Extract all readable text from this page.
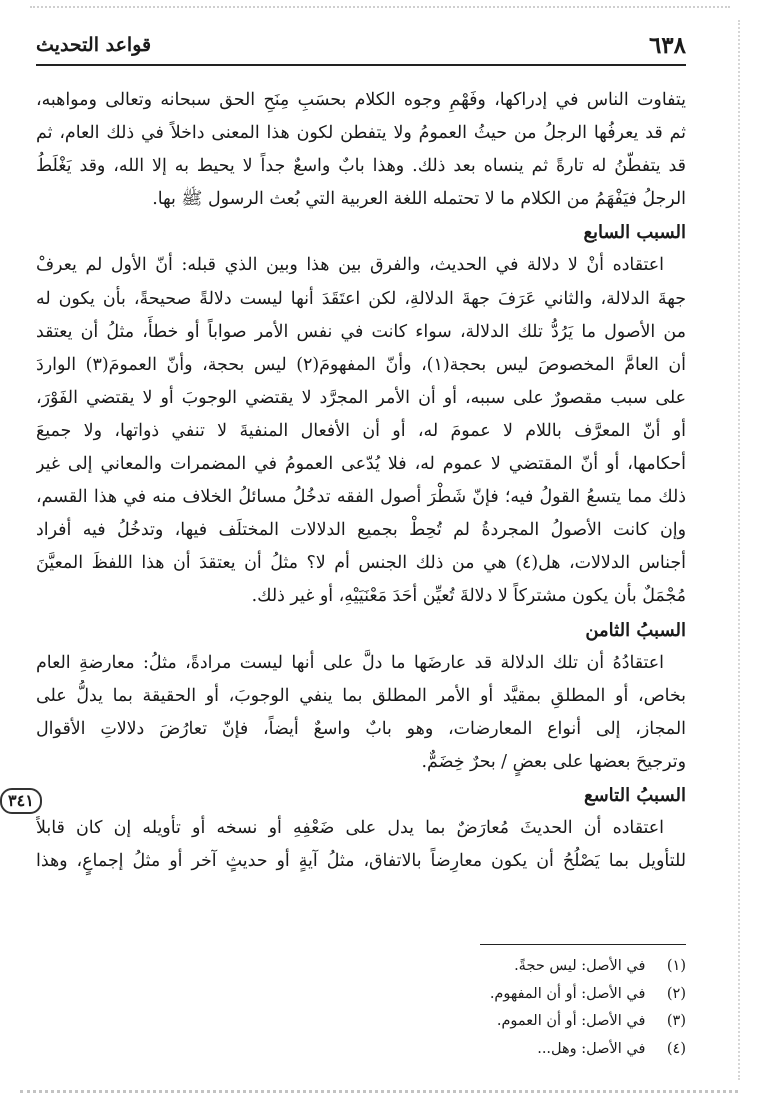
٦٣٨
قواعد التحديث
يتفاوت الناس في إدراكها، وفَهْمِ وجوه الكلام بحسَبِ مِنَحِ الحق سبحانه وتعالى ومواهبه،
ثم قد يعرفُها الرجلُ من حيثُ العمومُ ولا يتفطن لكون هذا المعنى داخلاً في ذلك العام، ثم
قد يتفطّنُ له تارةً ثم ينساه بعد ذلك. وهذا بابٌ واسعٌ جداً لا يحيط به إلا الله، وقد يَغْلَطُ
الرجلُ فيَفْهَمُ من الكلام ما لا تحتمله اللغة العربية التي بُعث الرسول ﷺ بها.
السبب السابع
اعتقاده أنْ لا دلالة في الحديث، والفرق بين هذا وبين الذي قبله: أنّ الأول لم يعرفْ
جهةَ الدلالة، والثاني عَرَفَ جهةَ الدلالةِ، لكن اعتَقَدَ أنها ليست دلالةً صحيحةً، بأن يكون له
من الأصول ما يَرُدُّ تلك الدلالة، سواء كانت في نفس الأمر صواباً أو خطأً، مثلُ أن يعتقد
أن العامَّ المخصوصَ ليس بحجة(١)، وأنّ المفهومَ(٢) ليس بحجة، وأنّ العمومَ(٣) الواردَ
على سبب مقصورٌ على سببه، أو أن الأمر المجرَّد لا يقتضي الوجوبَ أو لا يقتضي الفَوْرَ،
أو أنّ المعرَّف باللام لا عمومَ له، أو أن الأفعال المنفيةَ لا تنفي ذواتها، ولا جميعَ
أحكامها، أو أنّ المقتضي لا عموم له، فلا يُدّعى العمومُ في المضمرات والمعاني إلى غير
ذلك مما يتسعُ القولُ فيه؛ فإنّ شَطْرَ أصول الفقه تدخُلُ مسائلُ الخلاف منه في هذا القسم،
وإن كانت الأصولُ المجردةُ لم تُحِطْ بجميع الدلالات المختلَف فيها، وتدخُلُ فيه أفراد
أجناس الدلالات، هل(٤) هي من ذلك الجنس أم لا؟ مثلُ أن يعتقدَ أن هذا اللفظَ المعيَّنَ
مُجْمَلٌ بأن يكون مشتركاً لا دلالةَ تُعيِّن أحَدَ مَعْنَيَيْهِ، أو غير ذلك.
السببُ الثامن
اعتقادُهُ أن تلك الدلالة قد عارضَها ما دلَّ على أنها ليست مرادةً، مثلُ: معارضةِ العام
بخاص، أو المطلقِ بمقيَّد أو الأمر المطلق بما ينفي الوجوبَ، أو الحقيقة بما يدلُّ على
المجاز، إلى أنواع المعارضات، وهو بابٌ واسعٌ أيضاً، فإنّ تعارُضَ دلالاتِ الأقوال
وترجيحَ بعضها على بعضٍ / بحرٌ خِضَمٌّ.
السببُ التاسع
اعتقاده أن الحديثَ مُعارَضٌ بما يدل على ضَعْفِهِ أو نسخه أو تأويله إن كان قابلاً
للتأويل بما يَصْلُحُ أن يكون معارِضاً بالاتفاق، مثلُ آيةٍ أو حديثٍ آخر أو مثلُ إجماعٍ، وهذا
٣٤١
(١) في الأصل: ليس حجةً.
(٢) في الأصل: أو أن المفهوم.
(٣) في الأصل: أو أن العموم.
(٤) في الأصل: وهل...
